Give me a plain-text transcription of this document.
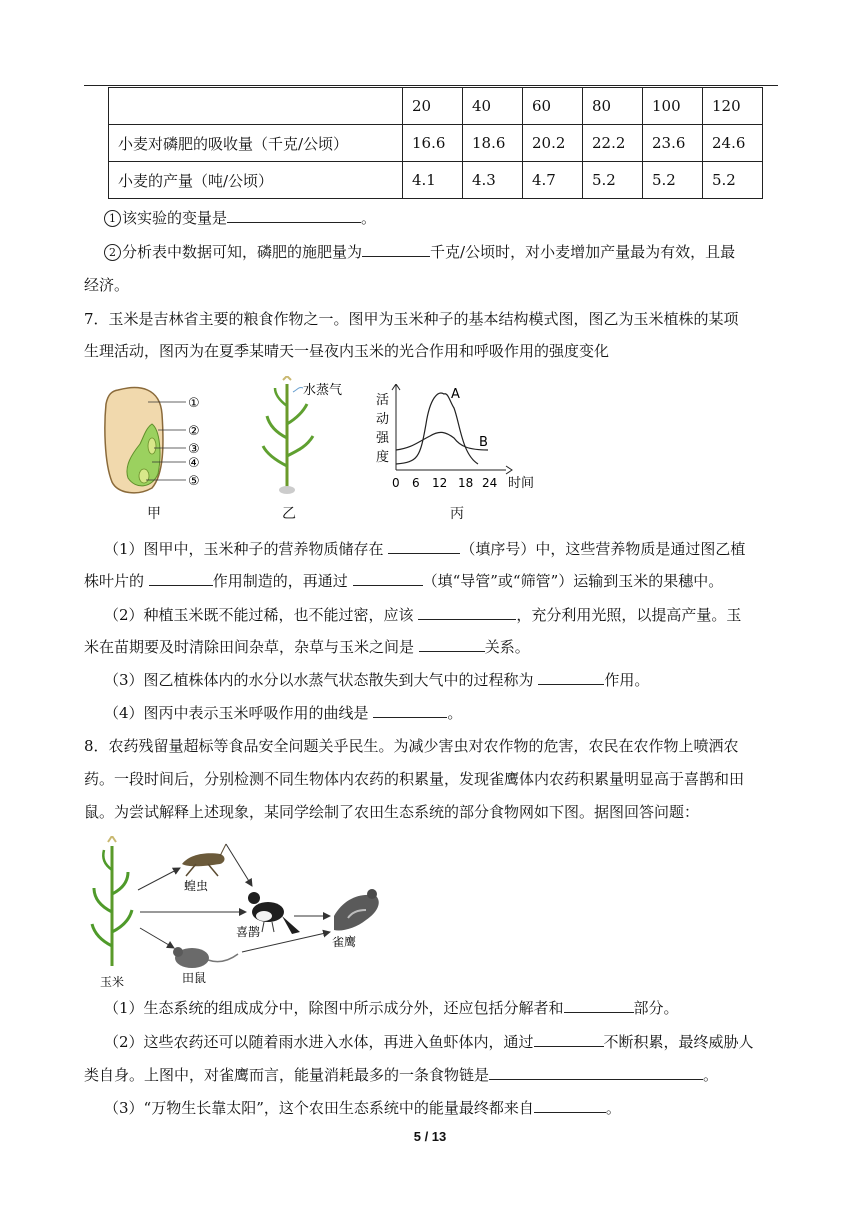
	20	40	60	80	100	120
小麦对磷肥的吸收量（千克/公顷）	16.6	18.6	20.2	22.2	23.6	24.6
小麦的产量（吨/公顷）	4.1	4.3	4.7	5.2	5.2	5.2
1 该实验的变量是	。
2 分析表中数据可知，磷肥的施肥量为	千克/公顷时，对小麦增加产量最为有效，且最
经济。
7．玉米是吉林省主要的粮食作物之一。图甲为玉米种子的基本结构模式图，图乙为玉米植株的某项
生理活动，图丙为在夏季某晴天一昼夜内玉米的光合作用和呼吸作用的强度变化
①
②
③
④
⑤
甲
水蒸气
乙
活
动
强
度
A
B
0 6 12 18 24 时间
丙
（1）图甲中，玉米种子的营养物质储存在	（填序号）中，这些营养物质是通过图乙植
株叶片的	作用制造的，再通过	（填“导管”或“筛管”）运输到玉米的果穗中。
（2）种植玉米既不能过稀，也不能过密，应该	，充分利用光照，以提高产量。玉
米在苗期要及时清除田间杂草，杂草与玉米之间是	关系。
（3）图乙植株体内的水分以水蒸气状态散失到大气中的过程称为	作用。
（4）图丙中表示玉米呼吸作用的曲线是	。
8．农药残留量超标等食品安全问题关乎民生。为减少害虫对农作物的危害，农民在农作物上喷洒农
药。一段时间后，分别检测不同生物体内农药的积累量，发现雀鹰体内农药积累量明显高于喜鹊和田
鼠。为尝试解释上述现象，某同学绘制了农田生态系统的部分食物网如下图。据图回答问题：
玉米
蝗虫
喜鹊
田鼠
雀鹰
（1）生态系统的组成成分中，除图中所示成分外，还应包括分解者和	部分。
（2）这些农药还可以随着雨水进入水体，再进入鱼虾体内，通过	不断积累，最终威胁人
类自身。上图中，对雀鹰而言，能量消耗最多的一条食物链是	。
（3）“万物生长靠太阳”，这个农田生态系统中的能量最终都来自	。
5 / 13
